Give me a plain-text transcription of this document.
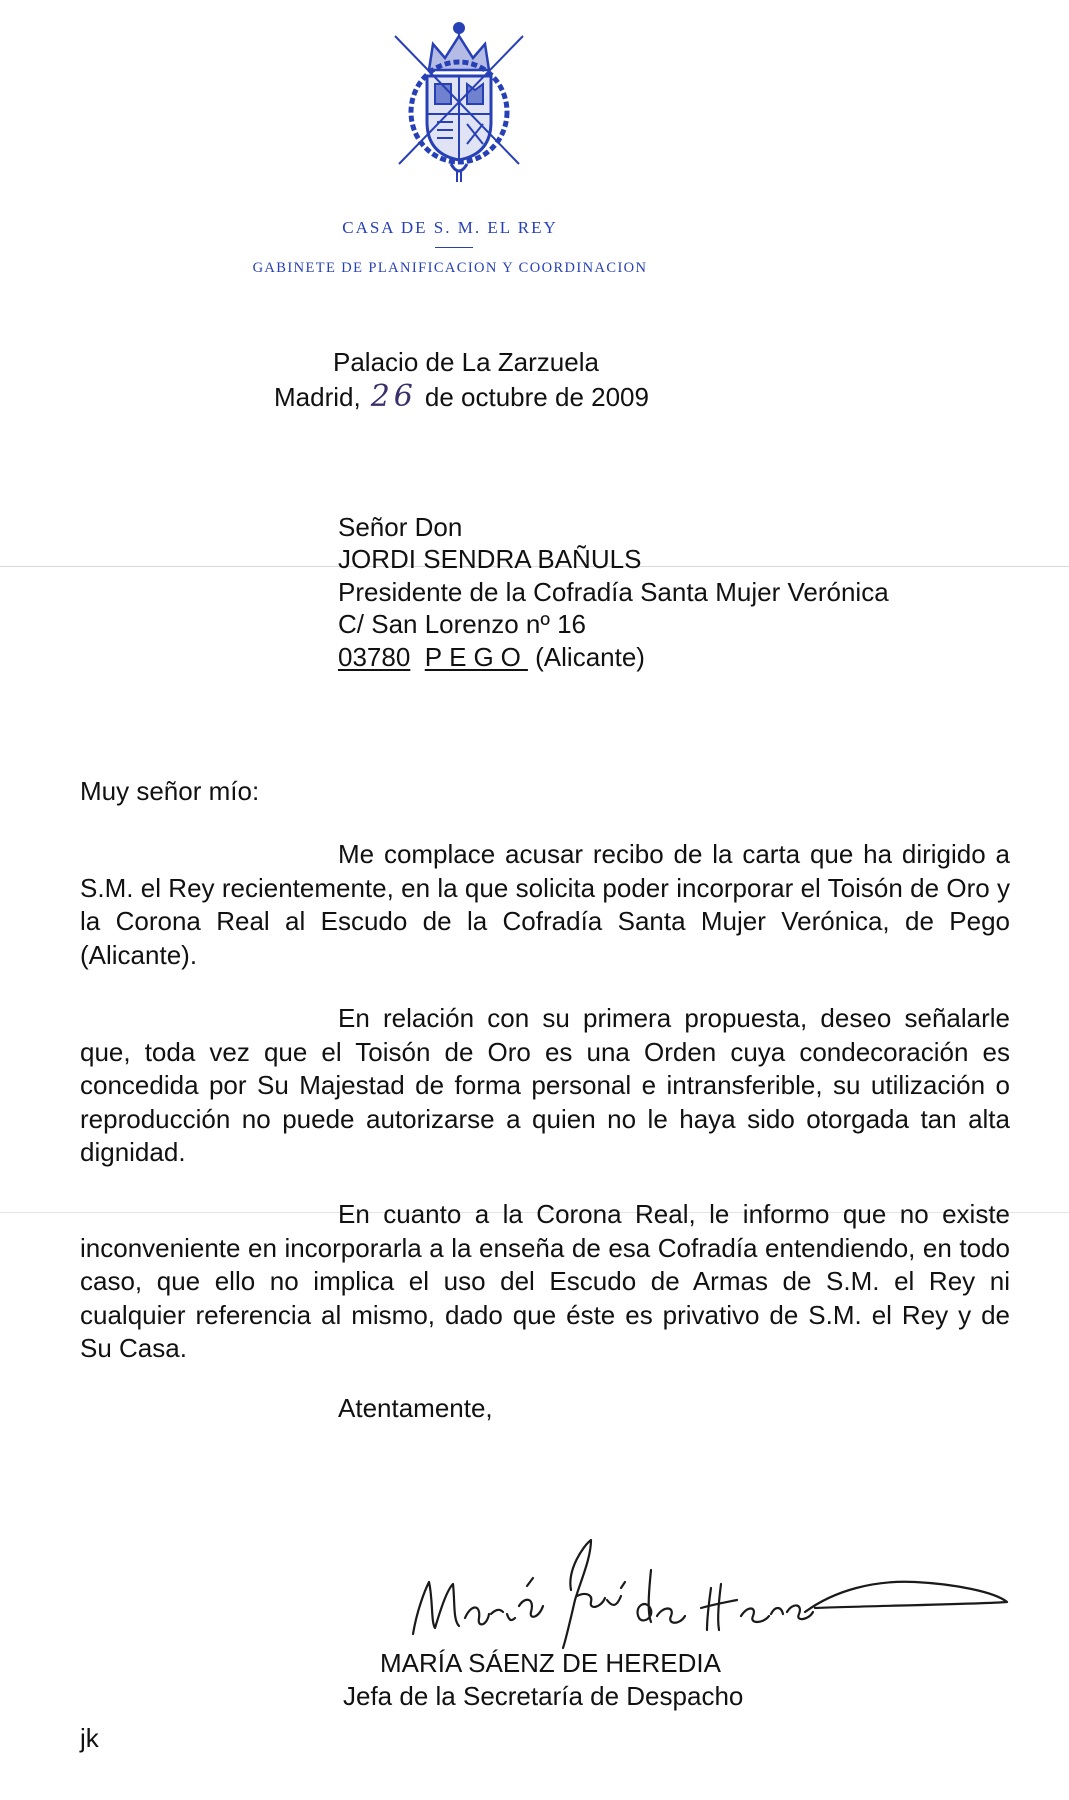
CASA DE S. M. EL REY
GABINETE DE PLANIFICACION Y COORDINACION
Palacio de La Zarzuela
Madrid, 26 de octubre de 2009
Señor Don
JORDI SENDRA BAÑULS
Presidente de la Cofradía Santa Mujer Verónica
C/ San Lorenzo nº 16
03780 PEGO (Alicante)
Muy señor mío:

Me complace acusar recibo de la carta que ha dirigido a S.M. el Rey recientemente, en la que solicita poder incorporar el Toisón de Oro y la Corona Real al Escudo de la Cofradía Santa Mujer Verónica, de Pego (Alicante).

En relación con su primera propuesta, deseo señalarle que, toda vez que el Toisón de Oro es una Orden cuya condecoración es concedida por Su Majestad de forma personal e intransferible, su utilización o reproducción no puede autorizarse a quien no le haya sido otorgada tan alta dignidad.

En cuanto a la Corona Real, le informo que no existe inconveniente en incorporarla a la enseña de esa Cofradía entendiendo, en todo caso, que ello no implica el uso del Escudo de Armas de S.M. el Rey ni cualquier referencia al mismo, dado que éste es privativo de S.M. el Rey y de Su Casa.

Atentamente,
MARÍA SÁENZ DE HEREDIA
Jefa de la Secretaría de Despacho
jk
